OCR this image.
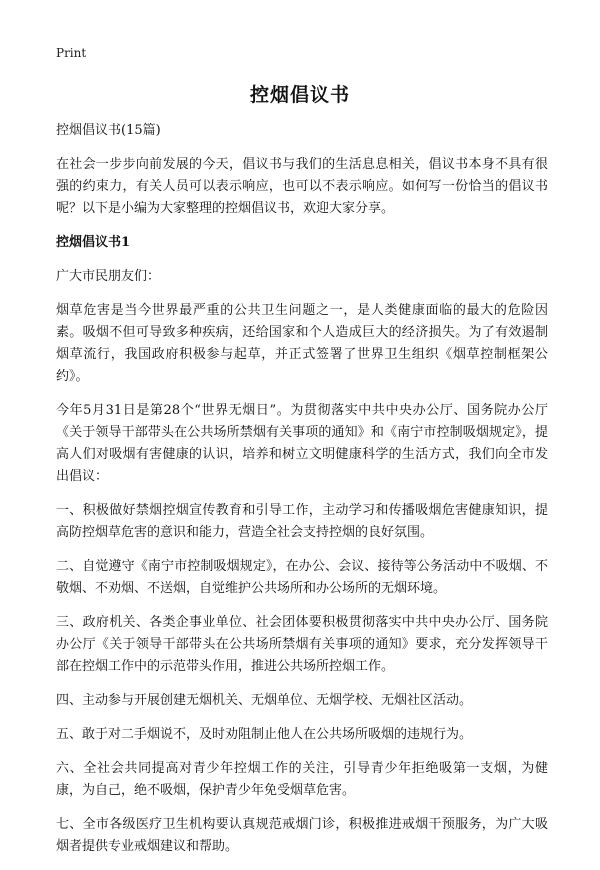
Print
控烟倡议书

控烟倡议书(15篇)

在社会一步步向前发展的今天，倡议书与我们的生活息息相关，倡议书本身不具有很强的约束力，有关人员可以表示响应，也可以不表示响应。如何写一份恰当的倡议书呢？以下是小编为大家整理的控烟倡议书，欢迎大家分享。

控烟倡议书1

广大市民朋友们：

烟草危害是当今世界最严重的公共卫生问题之一，是人类健康面临的最大的危险因素。吸烟不但可导致多种疾病，还给国家和个人造成巨大的经济损失。为了有效遏制烟草流行，我国政府积极参与起草，并正式签署了世界卫生组织《烟草控制框架公约》。

今年5月31日是第28个“世界无烟日”。为贯彻落实中共中央办公厅、国务院办公厅《关于领导干部带头在公共场所禁烟有关事项的通知》和《南宁市控制吸烟规定》，提高人们对吸烟有害健康的认识，培养和树立文明健康科学的生活方式，我们向全市发出倡议：

一、积极做好禁烟控烟宣传教育和引导工作，主动学习和传播吸烟危害健康知识，提高防控烟草危害的意识和能力，营造全社会支持控烟的良好氛围。

二、自觉遵守《南宁市控制吸烟规定》，在办公、会议、接待等公务活动中不吸烟、不敬烟、不劝烟、不送烟，自觉维护公共场所和办公场所的无烟环境。

三、政府机关、各类企事业单位、社会团体要积极贯彻落实中共中央办公厅、国务院办公厅《关于领导干部带头在公共场所禁烟有关事项的通知》要求，充分发挥领导干部在控烟工作中的示范带头作用，推进公共场所控烟工作。

四、主动参与开展创建无烟机关、无烟单位、无烟学校、无烟社区活动。

五、敢于对二手烟说不，及时劝阻制止他人在公共场所吸烟的违规行为。

六、全社会共同提高对青少年控烟工作的关注，引导青少年拒绝吸第一支烟，为健康，为自己，绝不吸烟，保护青少年免受烟草危害。

七、全市各级医疗卫生机构要认真规范戒烟门诊，积极推进戒烟干预服务，为广大吸烟者提供专业戒烟建议和帮助。
